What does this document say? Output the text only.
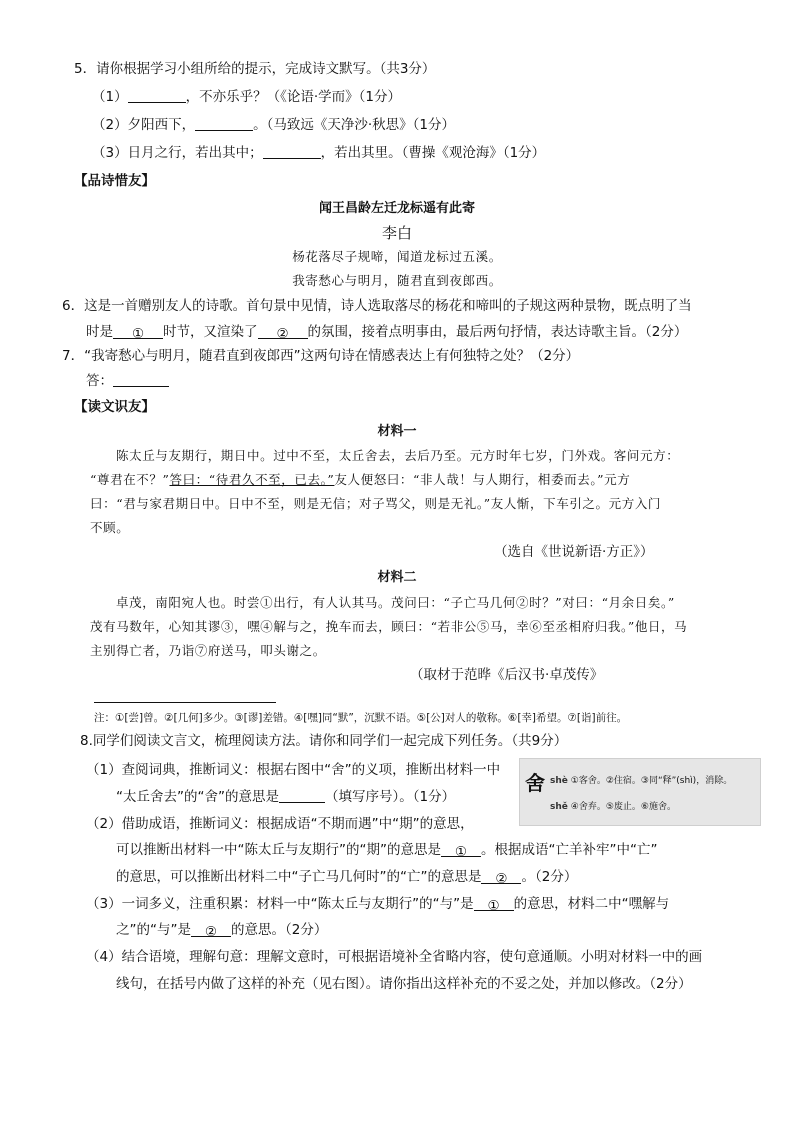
5．请你根据学习小组所给的提示，完成诗文默写。（共3分）
（1）	，不亦乐乎？（《论语·学而》（1分）
（2）夕阳西下，	。（马致远《天净沙·秋思》（1分）
（3）日月之行，若出其中；	，若出其里。（曹操《观沧海》（1分）
【品诗惜友】
闻王昌龄左迁龙标遥有此寄
李白
杨花落尽子规啼，闻道龙标过五溪。
我寄愁心与明月，随君直到夜郎西。
6．这是一首赠别友人的诗歌。首句景中见情，诗人选取落尽的杨花和啼叫的子规这两种景物，既点明了当
时是 ① 时节，又渲染了 ② 的氛围，接着点明事由，最后两句抒情，表达诗歌主旨。（2分）
7．“我寄愁心与明月，随君直到夜郎西”这两句诗在情感表达上有何独特之处？（2分）
答：
【读文识友】
材料一
陈太丘与友期行，期日中。过中不至，太丘舍去，去后乃至。元方时年七岁，门外戏。客问元方：
“尊君在不？”答曰：“待君久不至，已去。”友人便怒曰：“非人哉！与人期行，相委而去。”元方
曰：“君与家君期日中。日中不至，则是无信；对子骂父，则是无礼。”友人惭，下车引之。元方入门
不顾。
（选自《世说新语·方正》）
材料二
卓茂，南阳宛人也。时尝①出行，有人认其马。茂问曰：“子亡马几何②时？”对曰：“月余日矣。”
茂有马数年，心知其谬③，嘿④解与之，挽车而去，顾曰：“若非公⑤马，幸⑥至丞相府归我。”他日，马
主别得亡者，乃诣⑦府送马，叩头谢之。
（取材于范晔《后汉书·卓茂传》
注：①[尝]曾。②[几何]多少。③[谬]差错。④[嘿]同“默”，沉默不语。⑤[公]对人的敬称。⑥[幸]希望。⑦[诣]前往。
8.同学们阅读文言文，梳理阅读方法。请你和同学们一起完成下列任务。（共9分）
（1）查阅词典，推断词义：根据右图中“舍”的义项，推断出材料一中
“太丘舍去”的“舍”的意思是	（填写序号）。（1分）
（2）借助成语，推断词义：根据成语“不期而遇”中“期”的意思，
可以推断出材料一中“陈太丘与友期行”的“期”的意思是 ① 。根据成语“亡羊补牢”中“亡”
的意思，可以推断出材料二中“子亡马几何时”的“亡”的意思是 ② 。（2分）
（3）一词多义，注重积累：材料一中“陈太丘与友期行”的“与”是 ① 的意思，材料二中“嘿解与
之”的“与”是 ② 的意思。（2分）
（4）结合语境，理解句意：理解文意时，可根据语境补全省略内容，使句意通顺。小明对材料一中的画
线句，在括号内做了这样的补充（见右图）。请你指出这样补充的不妥之处，并加以修改。（2分）
舍 shè ①客舍。②住宿。③同“释”(shì)，消除。
shě ④舍弃。⑤废止。⑥施舍。
